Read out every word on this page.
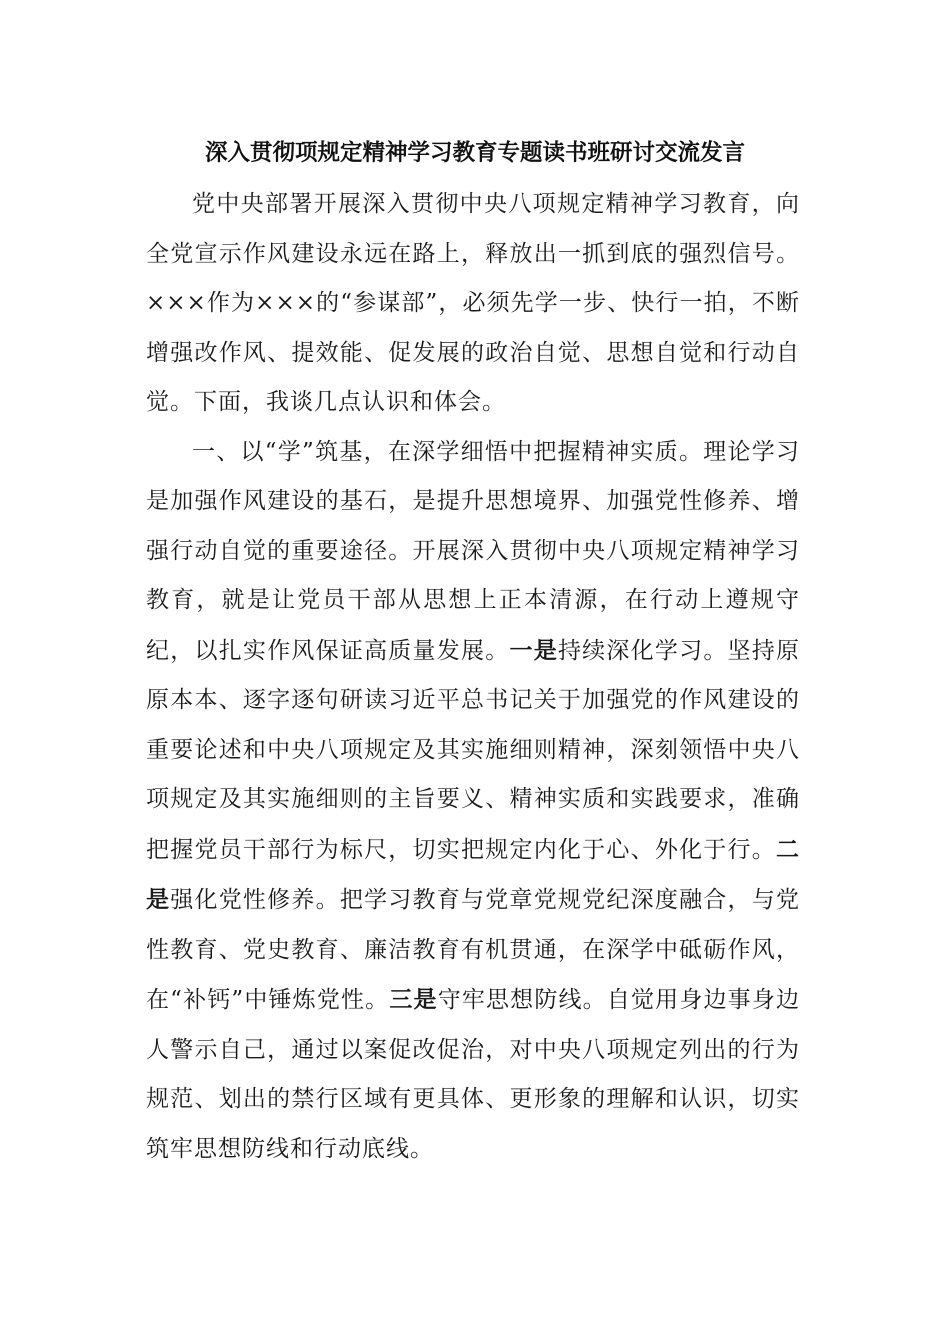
深入贯彻项规定精神学习教育专题读书班研讨交流发言

党中央部署开展深入贯彻中央八项规定精神学习教育，向全党宣示作风建设永远在路上，释放出一抓到底的强烈信号。×××作为×××的“参谋部”，必须先学一步、快行一拍，不断增强改作风、提效能、促发展的政治自觉、思想自觉和行动自觉。下面，我谈几点认识和体会。

一、以“学”筑基，在深学细悟中把握精神实质。理论学习是加强作风建设的基石，是提升思想境界、加强党性修养、增强行动自觉的重要途径。开展深入贯彻中央八项规定精神学习教育，就是让党员干部从思想上正本清源，在行动上遵规守纪，以扎实作风保证高质量发展。一是持续深化学习。坚持原原本本、逐字逐句研读习近平总书记关于加强党的作风建设的重要论述和中央八项规定及其实施细则精神，深刻领悟中央八项规定及其实施细则的主旨要义、精神实质和实践要求，准确把握党员干部行为标尺，切实把规定内化于心、外化于行。二是强化党性修养。把学习教育与党章党规党纪深度融合，与党性教育、党史教育、廉洁教育有机贯通，在深学中砥砺作风，在“补钙”中锤炼党性。三是守牢思想防线。自觉用身边事身边人警示自己，通过以案促改促治，对中央八项规定列出的行为规范、划出的禁行区域有更具体、更形象的理解和认识，切实筑牢思想防线和行动底线。
